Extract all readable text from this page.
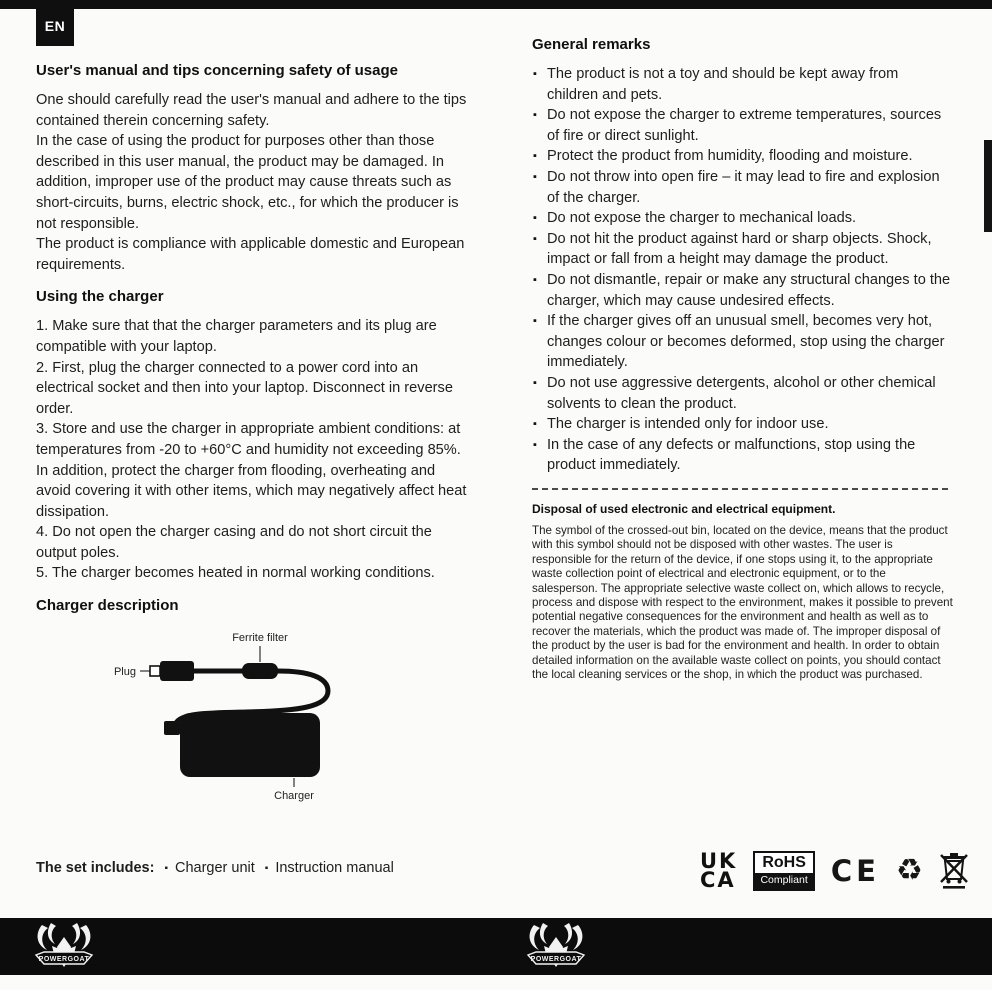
EN
User's manual and tips concerning safety of usage
One should carefully read the user's manual and adhere to the tips contained therein concerning safety.
In the case of using the product for purposes other than those described in this user manual, the product may be damaged. In addition, improper use of the product may cause threats such as short-circuits, burns, electric shock, etc., for which the producer is not responsible.
The product is compliance with applicable domestic and European requirements.
Using the charger
1. Make sure that that the charger parameters and its plug are compatible with your laptop.
2. First, plug the charger connected to a power cord into an electrical socket and then into your laptop. Disconnect in reverse order.
3. Store and use the charger in appropriate ambient conditions: at temperatures from -20 to +60°C and humidity not exceeding 85%. In addition, protect the charger from flooding, overheating and avoid covering it with other items, which may negatively affect heat dissipation.
4. Do not open the charger casing and do not short circuit the output poles.
5. The charger becomes heated in normal working conditions.
Charger description
Ferrite filter
Plug
Charger
General remarks
▪ The product is not a toy and should be kept away from children and pets.
▪ Do not expose the charger to extreme temperatures, sources of fire or direct sunlight.
▪ Protect the product from humidity, flooding and moisture.
▪ Do not throw into open fire – it may lead to fire and explosion of the charger.
▪ Do not expose the charger to mechanical loads.
▪ Do not hit the product against hard or sharp objects. Shock, impact or fall from a height may damage the product.
▪ Do not dismantle, repair or make any structural changes to the charger, which may cause undesired effects.
▪ If the charger gives off an unusual smell, becomes very hot, changes colour or becomes deformed, stop using the charger immediately.
▪ Do not use aggressive detergents, alcohol or other chemical solvents to clean the product.
▪ The charger is intended only for indoor use.
▪ In the case of any defects or malfunctions, stop using the product immediately.
Disposal of used electronic and electrical equipment.
The symbol of the crossed-out bin, located on the device, means that the product with this symbol should not be disposed with other wastes. The user is responsible for the return of the device, if one stops using it, to the appropriate waste collection point of electrical and electronic equipment, or to the salesperson. The appropriate selective waste collect on, which allows to recycle, process and dispose with respect to the environment, makes it possible to prevent potential negative consequences for the environment and health as well as to recover the materials, which the product was made of. The improper disposal of the product by the user is bad for the environment and health. In order to obtain detailed information on the available waste collect on points, you should contact the local cleaning services or the shop, in which the product was purchased.
The set includes: ▪ Charger unit ▪ Instruction manual	UK
CA
RoHS
Compliant CE ♻
POWERGOAT	POWERGOAT
